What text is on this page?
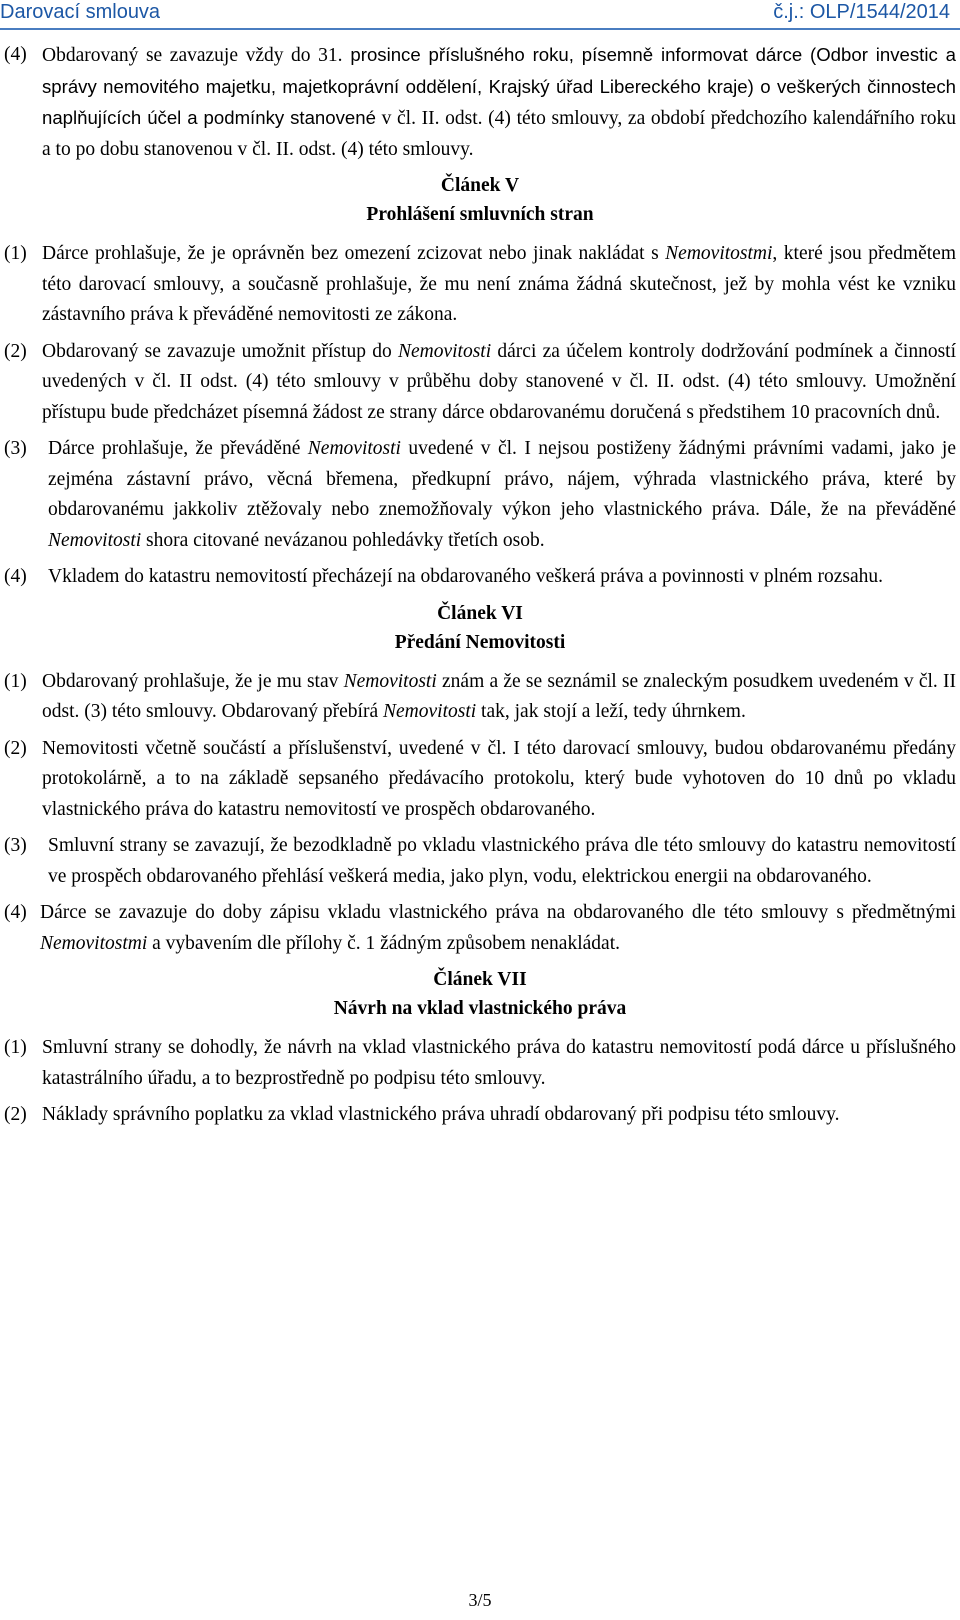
Darovací smlouva	č.j.: OLP/1544/2014
(4) Obdarovaný se zavazuje vždy do 31. prosince příslušného roku, písemně informovat dárce (Odbor investic a správy nemovitého majetku, majetkoprávní oddělení, Krajský úřad Libereckého kraje) o veškerých činnostech naplňujících účel a podmínky stanovené v čl. II. odst. (4) této smlouvy, za období předchozího kalendářního roku a to po dobu stanovenou v čl. II. odst. (4) této smlouvy.
Článek V
Prohlášení smluvních stran
(1) Dárce prohlašuje, že je oprávněn bez omezení zcizovat nebo jinak nakládat s Nemovitostmi, které jsou předmětem této darovací smlouvy, a současně prohlašuje, že mu není známa žádná skutečnost, jež by mohla vést ke vzniku zástavního práva k převáděné nemovitosti ze zákona.
(2) Obdarovaný se zavazuje umožnit přístup do Nemovitosti dárci za účelem kontroly dodržování podmínek a činností uvedených v čl. II odst. (4) této smlouvy v průběhu doby stanovené v čl. II. odst. (4) této smlouvy. Umožnění přístupu bude předcházet písemná žádost ze strany dárce obdarovanému doručená s předstihem 10 pracovních dnů.
(3)	Dárce prohlašuje, že převáděné Nemovitosti uvedené v čl. I nejsou postiženy žádnými právními vadami, jako je zejména zástavní právo, věcná břemena, předkupní právo, nájem, výhrada vlastnického práva, které by obdarovanému jakkoliv ztěžovaly nebo znemožňovaly výkon jeho vlastnického práva. Dále, že na převáděné Nemovitosti shora citované nevázanou pohledávky třetích osob.
(4)	Vkladem do katastru nemovitostí přecházejí na obdarovaného veškerá práva a povinnosti v plném rozsahu.
Článek VI
Předání Nemovitosti
(1) Obdarovaný prohlašuje, že je mu stav Nemovitosti znám a že se seznámil se znaleckým posudkem uvedeném v čl. II odst. (3) této smlouvy. Obdarovaný přebírá Nemovitosti tak, jak stojí a leží, tedy úhrnkem.
(2) Nemovitosti včetně součástí a příslušenství, uvedené v čl. I této darovací smlouvy, budou obdarovanému předány protokolárně, a to na základě sepsaného předávacího protokolu, který bude vyhotoven do 10 dnů po vkladu vlastnického práva do katastru nemovitostí ve prospěch obdarovaného.
(3)	Smluvní strany se zavazují, že bezodkladně po vkladu vlastnického práva dle této smlouvy do katastru nemovitostí ve prospěch obdarovaného přehlásí veškerá media, jako plyn, vodu, elektrickou energii na obdarovaného.
(4) Dárce se zavazuje do doby zápisu vkladu vlastnického práva na obdarovaného dle této smlouvy s předmětnými Nemovitostmi a vybavením dle přílohy č. 1 žádným způsobem nenakládat.
Článek VII
Návrh na vklad vlastnického práva
(1) Smluvní strany se dohodly, že návrh na vklad vlastnického práva do katastru nemovitostí podá dárce u příslušného katastrálního úřadu, a to bezprostředně po podpisu této smlouvy.
(2) Náklady správního poplatku za vklad vlastnického práva uhradí obdarovaný při podpisu této smlouvy.
3/5
